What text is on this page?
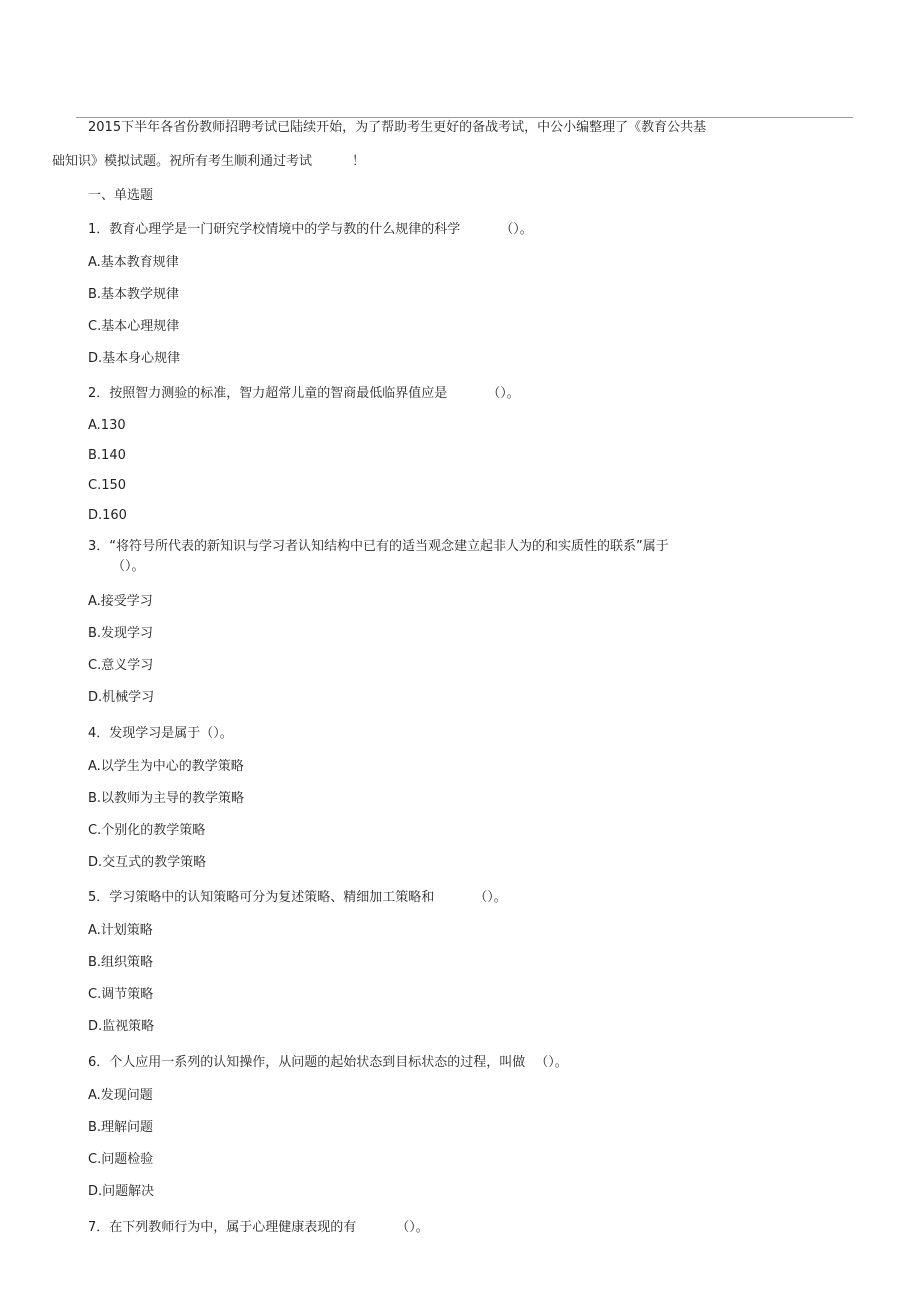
2015下半年各省份教师招聘考试已陆续开始，为了帮助考生更好的备战考试，中公小编整理了《教育公共基
础知识》模拟试题。祝所有考生顺利通过考试	！
一、单选题
1．教育心理学是一门研究学校情境中的学与教的什么规律的科学	（）。
A.基本教育规律
B.基本教学规律
C.基本心理规律
D.基本身心规律
2．按照智力测验的标准，智力超常儿童的智商最低临界值应是	（）。
A.130
B.140
C.150
D.160
3．“将符号所代表的新知识与学习者认知结构中已有的适当观念建立起非人为的和实质性的联系”属于
（）。
A.接受学习
B.发现学习
C.意义学习
D.机械学习
4．发现学习是属于（）。
A.以学生为中心的教学策略
B.以教师为主导的教学策略
C.个别化的教学策略
D.交互式的教学策略
5．学习策略中的认知策略可分为复述策略、精细加工策略和	（）。
A.计划策略
B.组织策略
C.调节策略
D.监视策略
6．个人应用一系列的认知操作，从问题的起始状态到目标状态的过程，叫做 （）。
A.发现问题
B.理解问题
C.问题检验
D.问题解决
7．在下列教师行为中，属于心理健康表现的有	（）。
